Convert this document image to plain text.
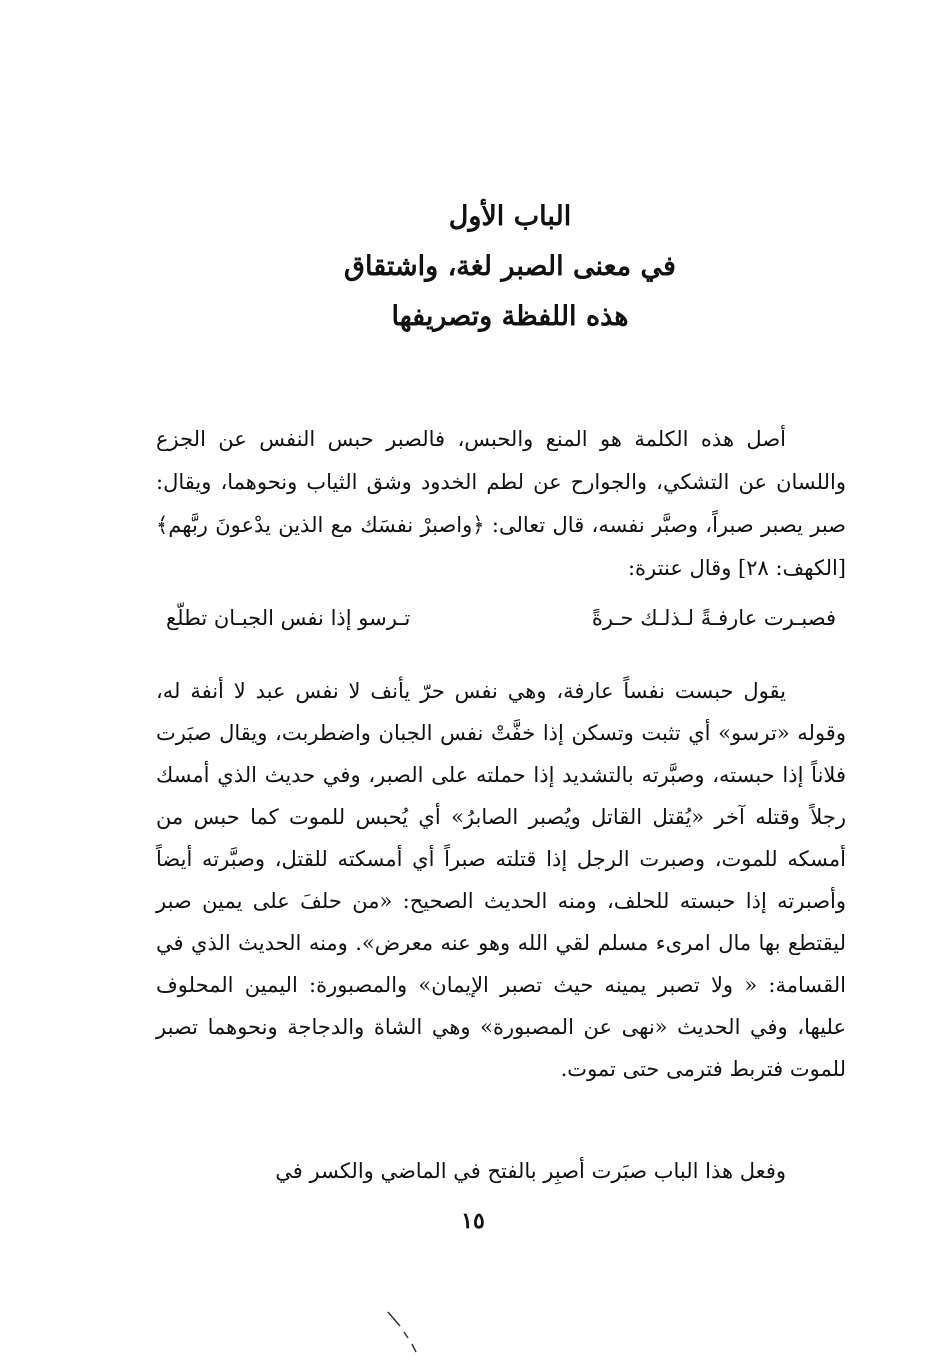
الباب الأول
في معنى الصبر لغة، واشتقاق
هذه اللفظة وتصريفها
أصل هذه الكلمة هو المنع والحبس، فالصبر حبس النفس عن الجزع واللسان عن التشكي، والجوارح عن لطم الخدود وشق الثياب ونحوهما، ويقال: صبر يصبر صبراً، وصبَّر نفسه، قال تعالى: ﴿واصبرْ نفسَك مع الذين يدْعونَ ربَّهم﴾ [الكهف: ٢٨] وقال عنترة:
فصبـرت عارفـةً لـذلـك حـرةً
تـرسو إذا نفس الجبـان تطلّع
يقول حبست نفساً عارفة، وهي نفس حرّ يأنف لا نفس عبد لا أنفة له، وقوله «ترسو» أي تثبت وتسكن إذا خفَّتْ نفس الجبان واضطربت، ويقال صبَرت فلاناً إذا حبسته، وصبَّرته بالتشديد إذا حملته على الصبر، وفي حديث الذي أمسك رجلاً وقتله آخر «يُقتل القاتل ويُصبر الصابرُ» أي يُحبس للموت كما حبس من أمسكه للموت، وصبرت الرجل إذا قتلته صبراً أي أمسكته للقتل، وصبَّرته أيضاً وأصبرته إذا حبسته للحلف، ومنه الحديث الصحيح: «من حلفَ على يمين صبر ليقتطع بها مال امرىء مسلم لقي الله وهو عنه معرض». ومنه الحديث الذي في القسامة: « ولا تصبر يمينه حيث تصبر الإيمان» والمصبورة: اليمين المحلوف عليها، وفي الحديث «نهى عن المصبورة» وهي الشاة والدجاجة ونحوهما تصبر للموت فتربط فترمى حتى تموت.
وفعل هذا الباب صبَرت أصبِر بالفتح في الماضي والكسر في
١٥
